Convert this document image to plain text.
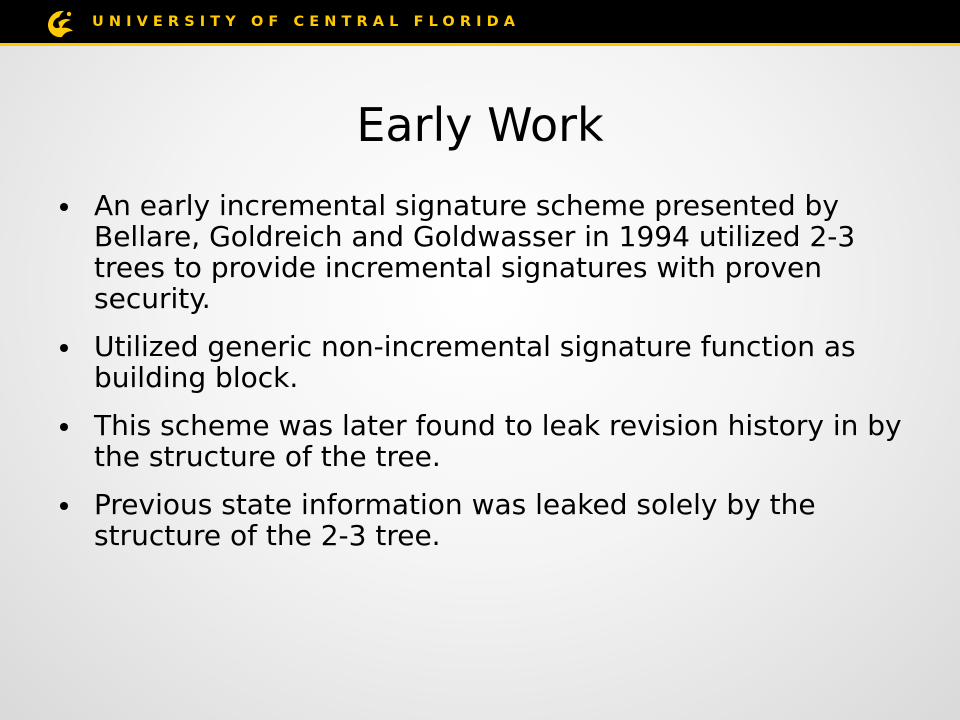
UNIVERSITY OF CENTRAL FLORIDA
Early Work
An early incremental signature scheme presented by Bellare, Goldreich and Goldwasser in 1994 utilized 2-3 trees to provide incremental signatures with proven security.
Utilized generic non-incremental signature function as building block.
This scheme was later found to leak revision history in by the structure of the tree.
Previous state information was leaked solely by the structure of the 2-3 tree.
